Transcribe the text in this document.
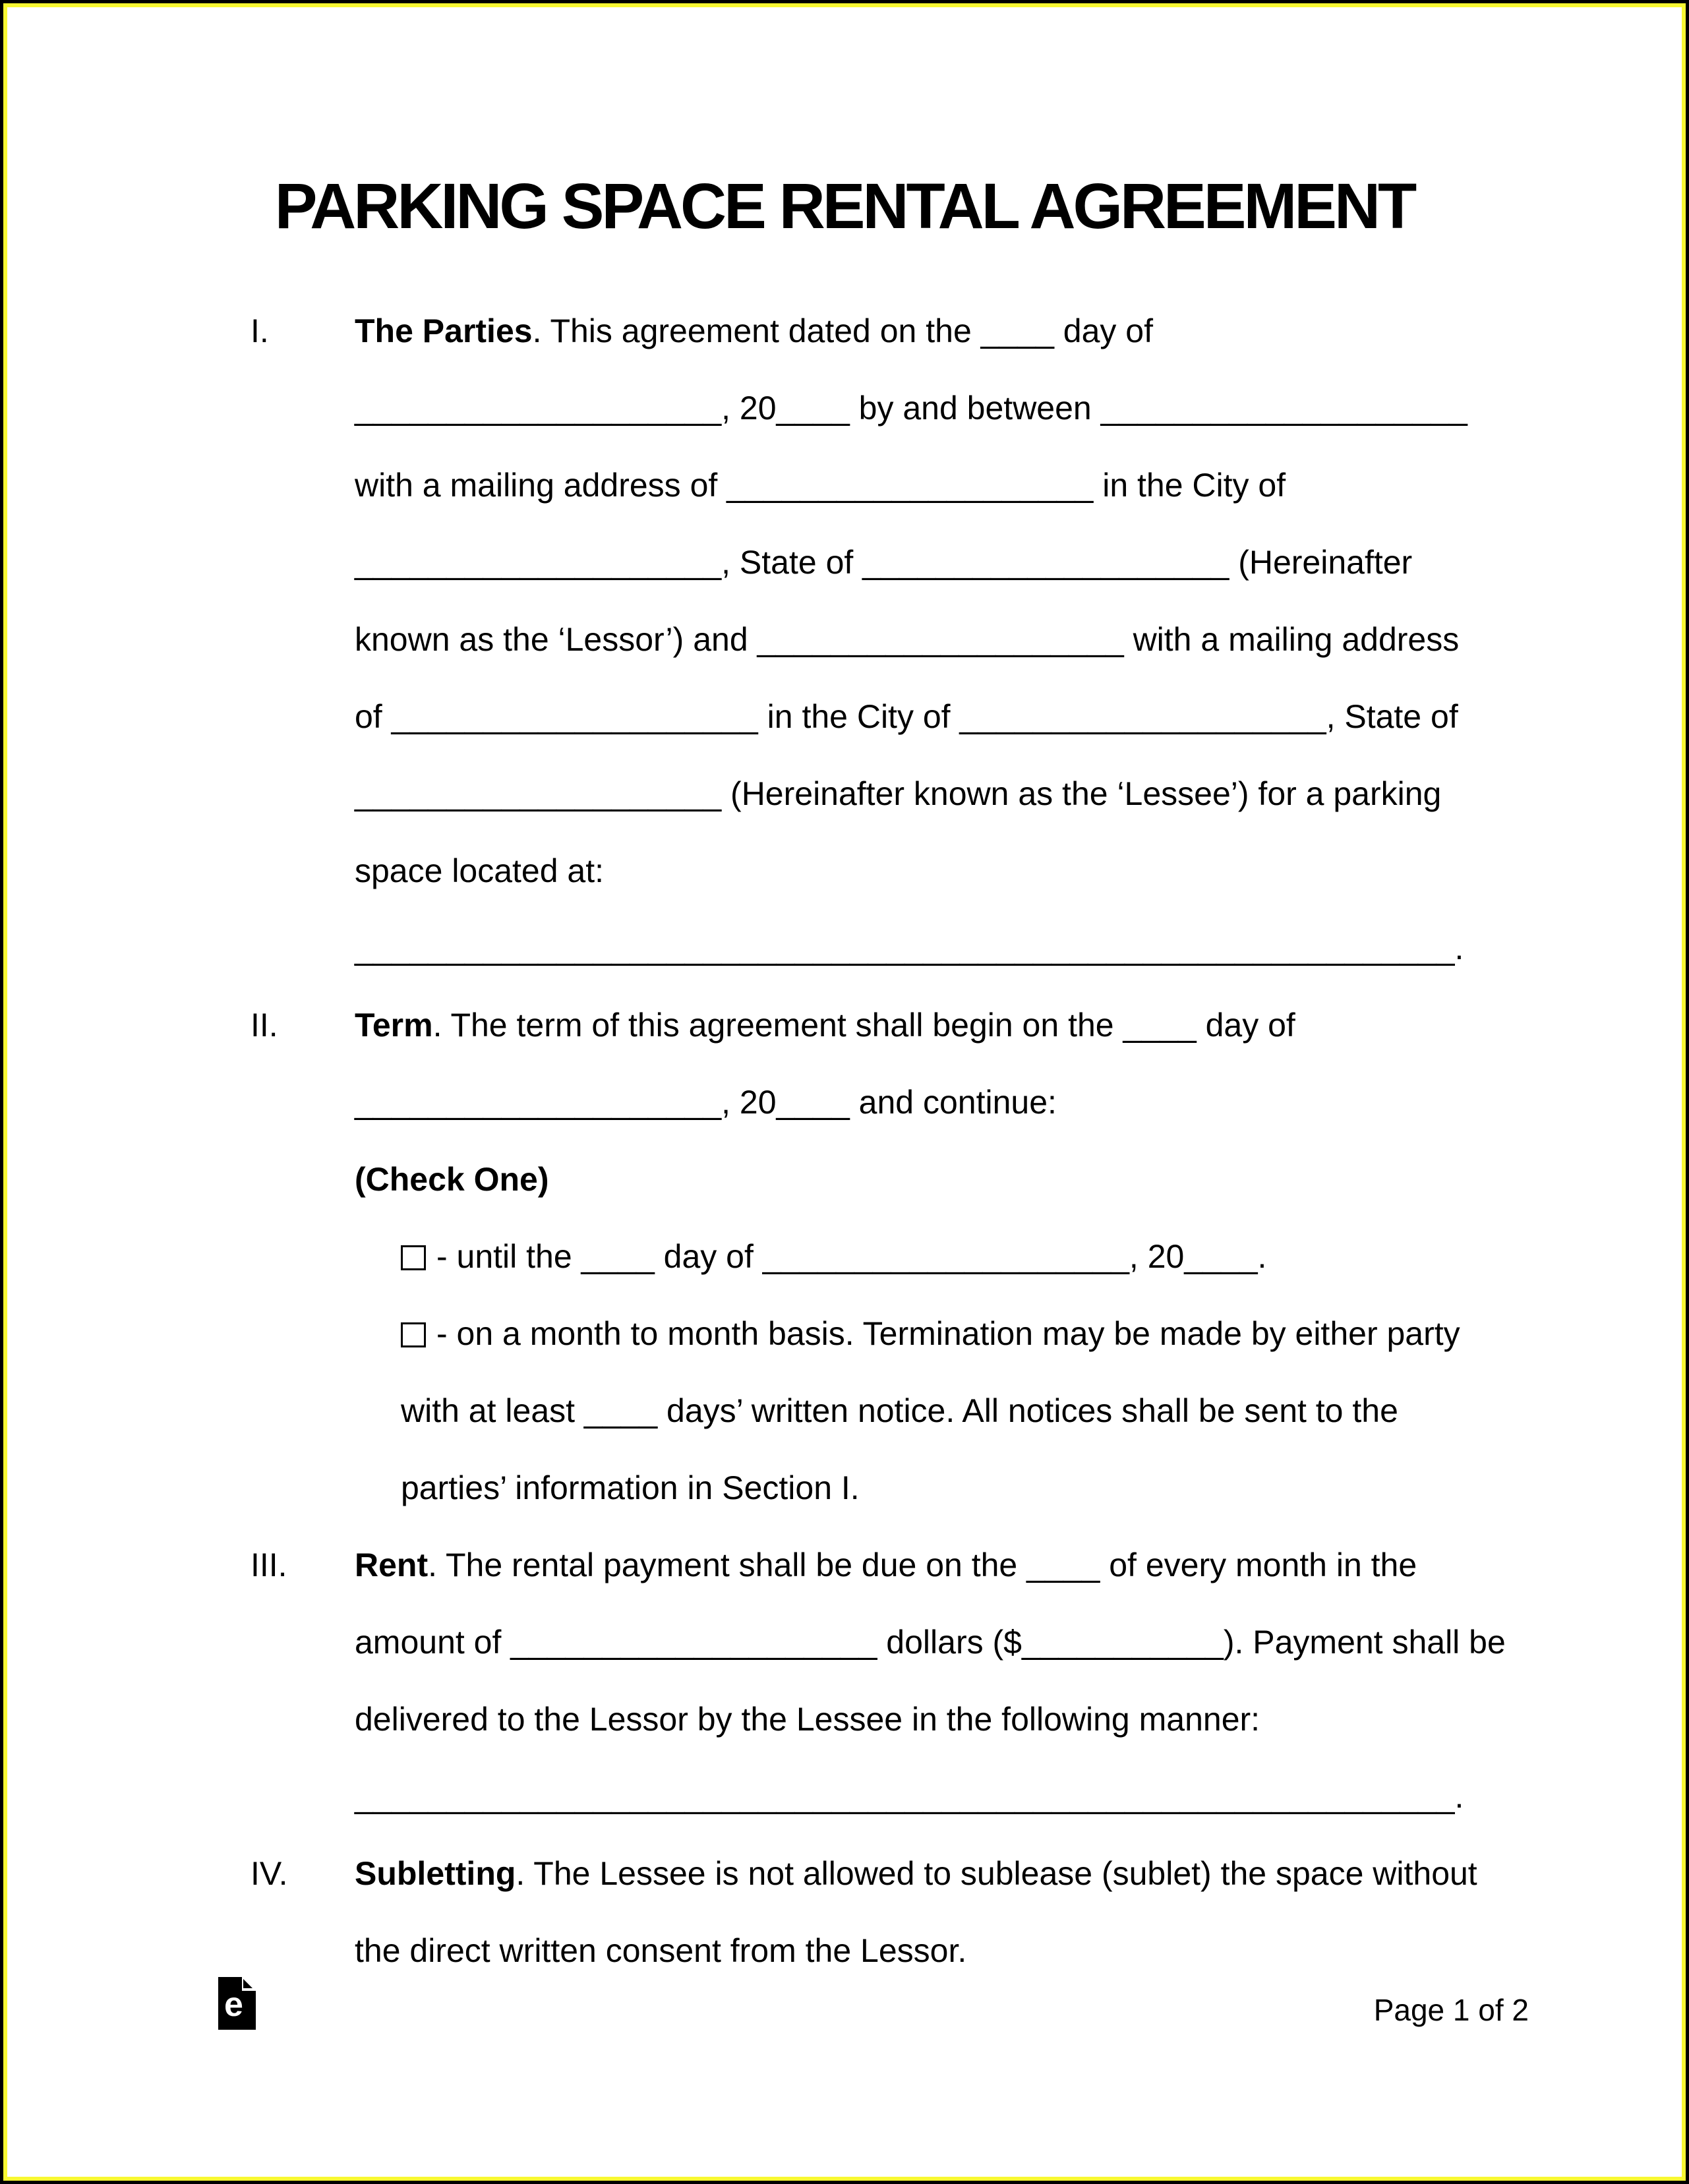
PARKING SPACE RENTAL AGREEMENT
I.	The Parties. This agreement dated on the ____ day of
____________________, 20____ by and between ____________________
with a mailing address of ____________________ in the City of
____________________, State of ____________________ (Hereinafter
known as the ‘Lessor’) and ____________________ with a mailing address
of ____________________ in the City of ____________________, State of
____________________ (Hereinafter known as the ‘Lessee’) for a parking
space located at:
____________________________________________________________.
II. Term. The term of this agreement shall begin on the ____ day of
____________________, 20____ and continue:
(Check One)
- until the ____ day of ____________________, 20____.
- on a month to month basis. Termination may be made by either party
with at least ____ days’ written notice. All notices shall be sent to the
parties’ information in Section I.
III. Rent. The rental payment shall be due on the ____ of every month in the
amount of ____________________ dollars ($___________). Payment shall be
delivered to the Lessor by the Lessee in the following manner:
____________________________________________________________.
IV. Subletting. The Lessee is not allowed to sublease (sublet) the space without
the direct written consent from the Lessor.
e	Page 1 of 2
